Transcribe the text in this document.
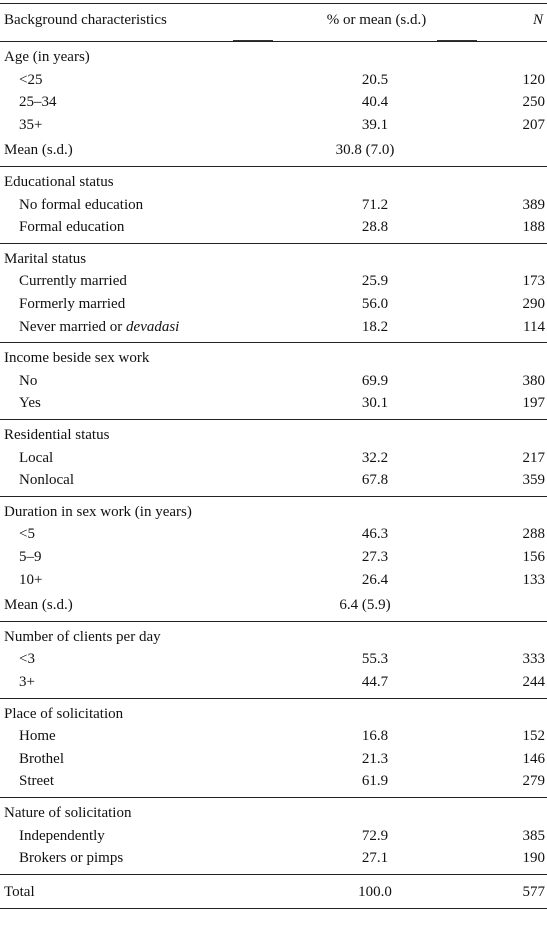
Background characteristics	% or mean (s.d.)	N
Age (in years)
<25	20.5	120
25–34	40.4	250
35+	39.1	207
Mean (s.d.)	30.8 (7.0)
Educational status
No formal education	71.2	389
Formal education	28.8	188
Marital status
Currently married	25.9	173
Formerly married	56.0	290
Never married or devadasi	18.2	114
Income beside sex work
No	69.9	380
Yes	30.1	197
Residential status
Local	32.2	217
Nonlocal	67.8	359
Duration in sex work (in years)
<5	46.3	288
5–9	27.3	156
10+	26.4	133
Mean (s.d.)	6.4 (5.9)
Number of clients per day
<3	55.3	333
3+	44.7	244
Place of solicitation
Home	16.8	152
Brothel	21.3	146
Street	61.9	279
Nature of solicitation
Independently	72.9	385
Brokers or pimps	27.1	190
Total	100.0	577
